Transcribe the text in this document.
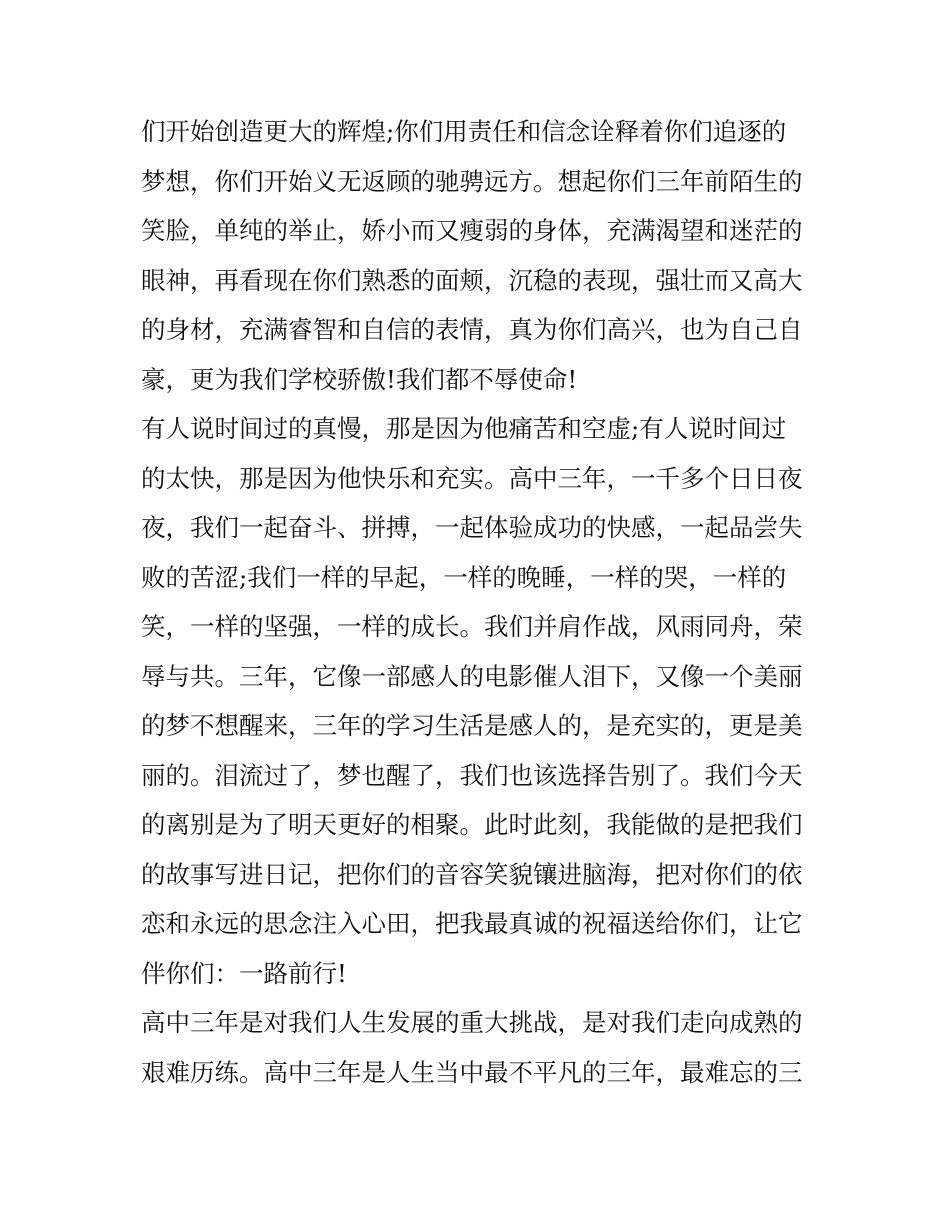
们开始创造更大的辉煌;你们用责任和信念诠释着你们追逐的
梦想，你们开始义无返顾的驰骋远方。想起你们三年前陌生的
笑脸，单纯的举止，娇小而又瘦弱的身体，充满渴望和迷茫的
眼神，再看现在你们熟悉的面颊，沉稳的表现，强壮而又高大
的身材，充满睿智和自信的表情，真为你们高兴，也为自己自
豪，更为我们学校骄傲!我们都不辱使命!
有人说时间过的真慢，那是因为他痛苦和空虚;有人说时间过
的太快，那是因为他快乐和充实。高中三年，一千多个日日夜
夜，我们一起奋斗、拼搏，一起体验成功的快感，一起品尝失
败的苦涩;我们一样的早起，一样的晚睡，一样的哭，一样的
笑，一样的坚强，一样的成长。我们并肩作战，风雨同舟，荣
辱与共。三年，它像一部感人的电影催人泪下，又像一个美丽
的梦不想醒来，三年的学习生活是感人的，是充实的，更是美
丽的。泪流过了，梦也醒了，我们也该选择告别了。我们今天
的离别是为了明天更好的相聚。此时此刻，我能做的是把我们
的故事写进日记，把你们的音容笑貌镶进脑海，把对你们的依
恋和永远的思念注入心田，把我最真诚的祝福送给你们，让它
伴你们：一路前行!
高中三年是对我们人生发展的重大挑战，是对我们走向成熟的
艰难历练。高中三年是人生当中最不平凡的三年，最难忘的三
